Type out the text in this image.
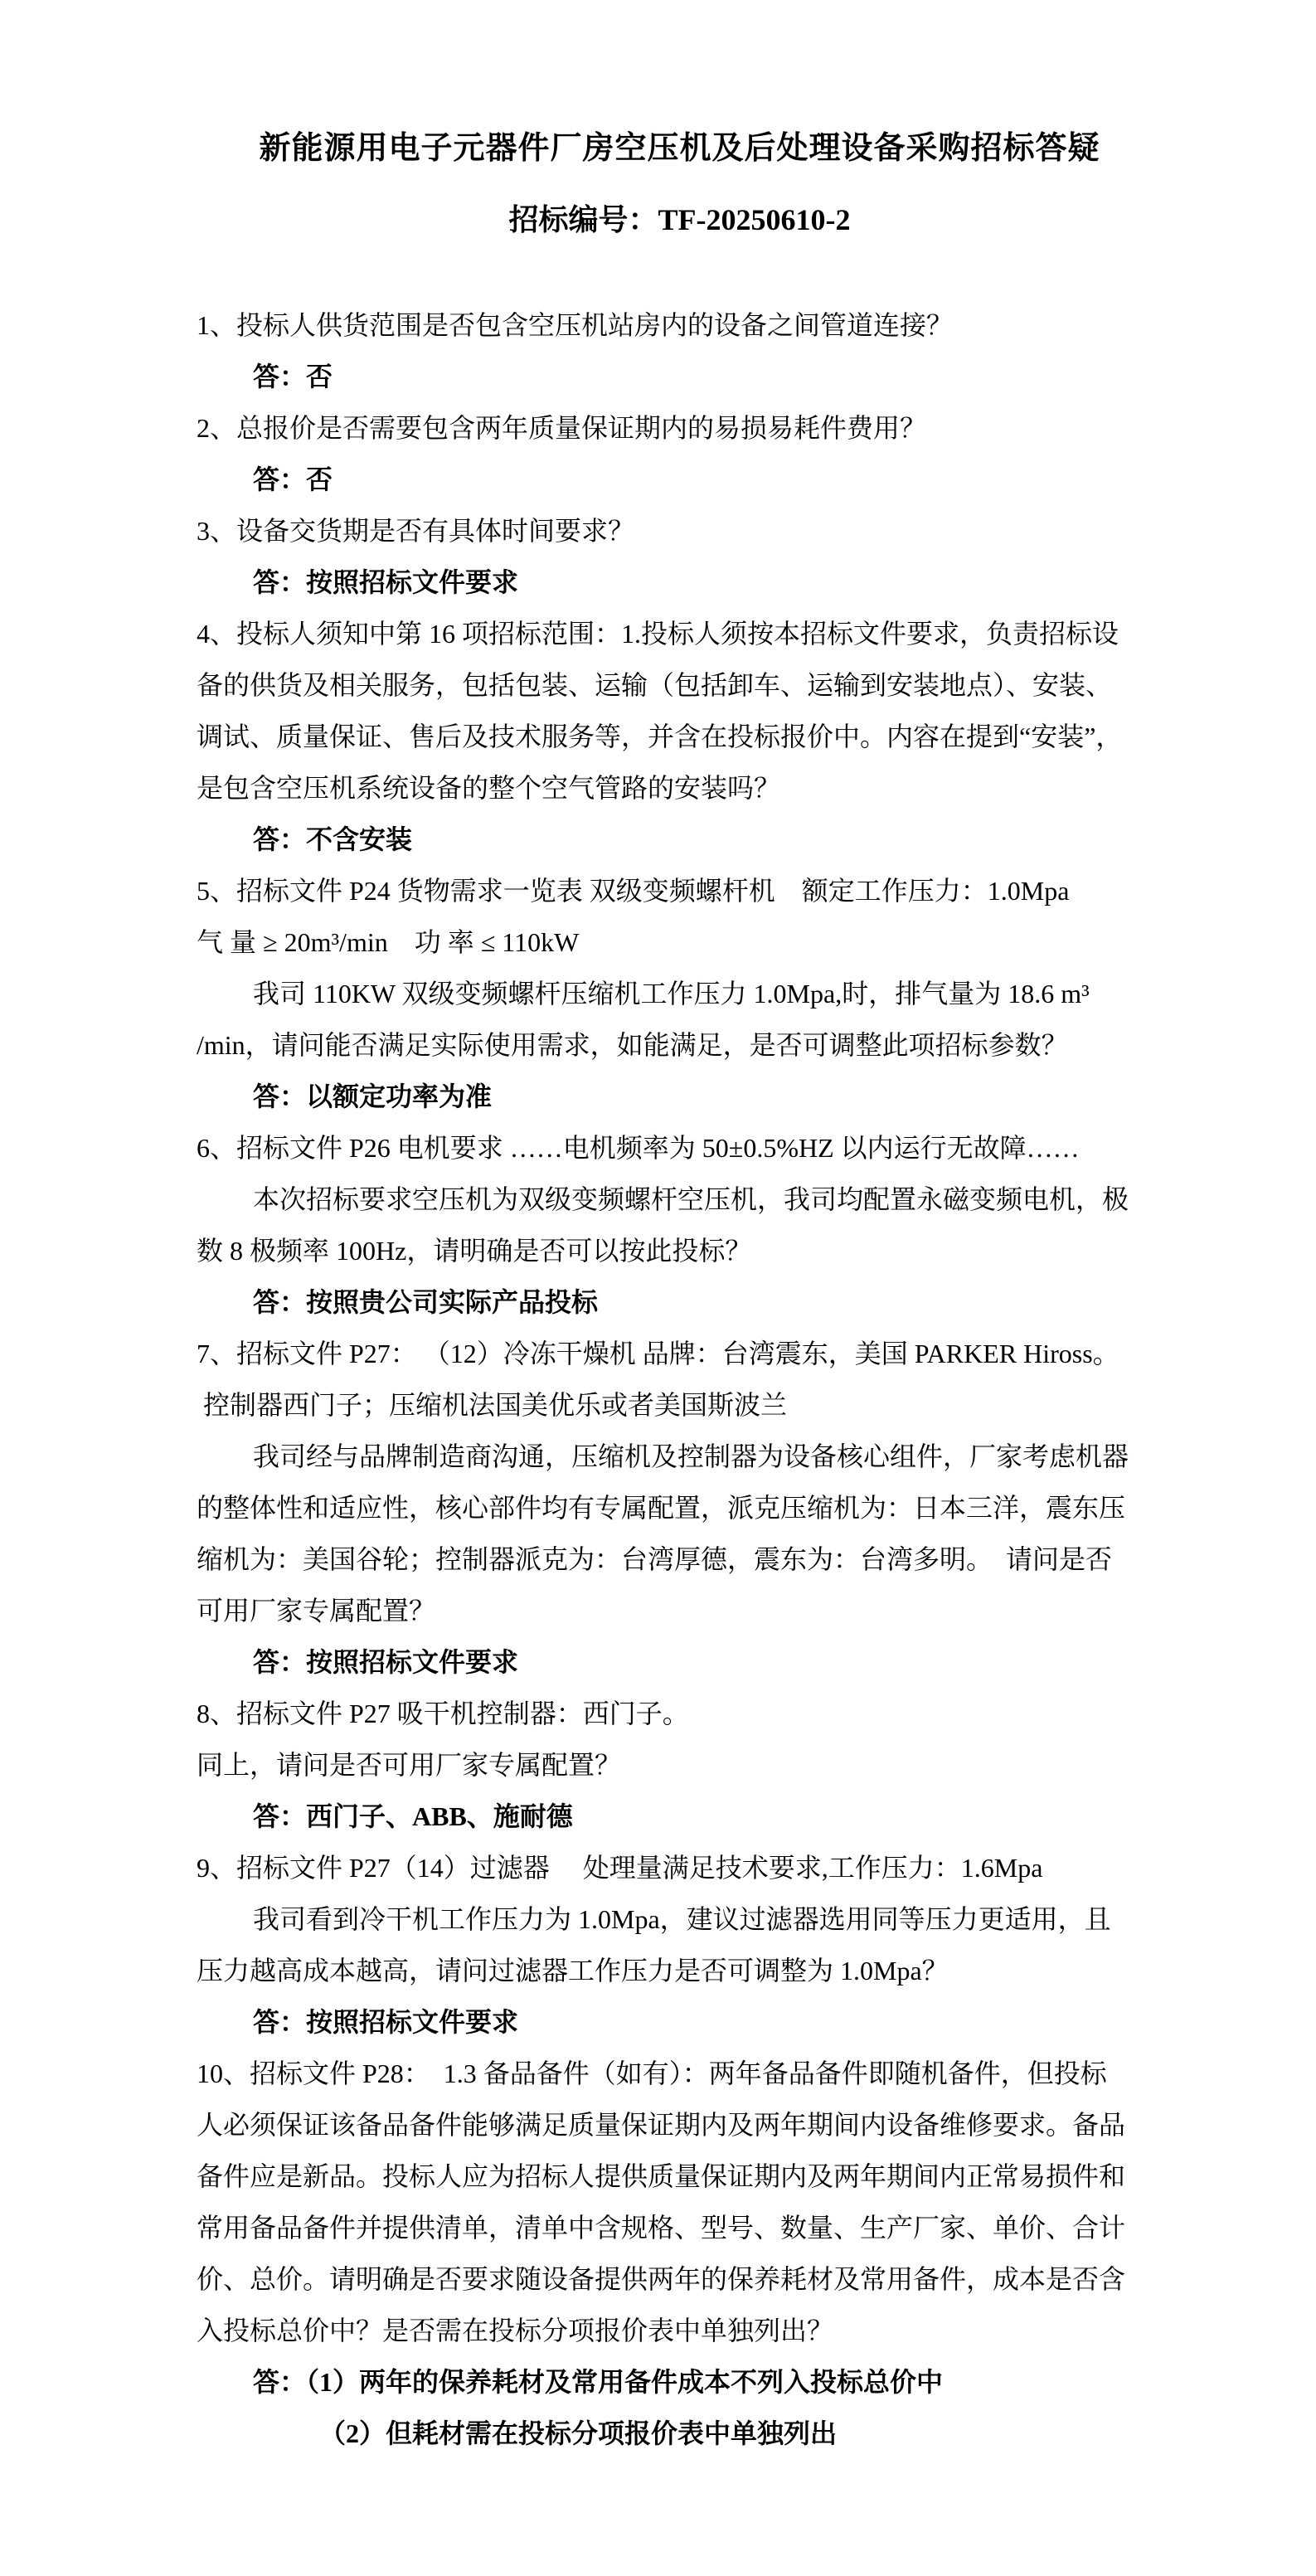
新能源用电子元器件厂房空压机及后处理设备采购招标答疑
招标编号：TF-20250610-2
1、投标人供货范围是否包含空压机站房内的设备之间管道连接？
答：否
2、总报价是否需要包含两年质量保证期内的易损易耗件费用？
答：否
3、设备交货期是否有具体时间要求？
答：按照招标文件要求
4、投标人须知中第 16 项招标范围：1.投标人须按本招标文件要求，负责招标设
备的供货及相关服务，包括包装、运输（包括卸车、运输到安装地点）、安装、
调试、质量保证、售后及技术服务等，并含在投标报价中。内容在提到“安装”，
是包含空压机系统设备的整个空气管路的安装吗？
答：不含安装
5、招标文件 P24 货物需求一览表 双级变频螺杆机　额定工作压力：1.0Mpa
气 量 ≥ 20m³/min　功 率 ≤ 110kW
我司 110KW 双级变频螺杆压缩机工作压力 1.0Mpa,时，排气量为 18.6 m³
/min，请问能否满足实际使用需求，如能满足，是否可调整此项招标参数？
答：以额定功率为准
6、招标文件 P26 电机要求 ……电机频率为 50±0.5%HZ 以内运行无故障……
本次招标要求空压机为双级变频螺杆空压机，我司均配置永磁变频电机，极
数 8 极频率 100Hz，请明确是否可以按此投标？
答：按照贵公司实际产品投标
7、招标文件 P27： （12）冷冻干燥机 品牌：台湾震东，美国 PARKER Hiross。
控制器西门子；压缩机法国美优乐或者美国斯波兰
我司经与品牌制造商沟通，压缩机及控制器为设备核心组件，厂家考虑机器
的整体性和适应性，核心部件均有专属配置，派克压缩机为：日本三洋，震东压
缩机为：美国谷轮；控制器派克为：台湾厚德，震东为：台湾多明。　请问是否
可用厂家专属配置？
答：按照招标文件要求
8、招标文件 P27 吸干机控制器：西门子。
同上，请问是否可用厂家专属配置？
答：西门子、ABB、施耐德
9、招标文件 P27（14）过滤器　 处理量满足技术要求,工作压力：1.6Mpa
我司看到冷干机工作压力为 1.0Mpa，建议过滤器选用同等压力更适用，且
压力越高成本越高，请问过滤器工作压力是否可调整为 1.0Mpa？
答：按照招标文件要求
10、招标文件 P28：　1.3 备品备件（如有）：两年备品备件即随机备件，但投标
人必须保证该备品备件能够满足质量保证期内及两年期间内设备维修要求。备品
备件应是新品。投标人应为招标人提供质量保证期内及两年期间内正常易损件和
常用备品备件并提供清单，清单中含规格、型号、数量、生产厂家、单价、合计
价、总价。请明确是否要求随设备提供两年的保养耗材及常用备件，成本是否含
入投标总价中？是否需在投标分项报价表中单独列出？
答：（1）两年的保养耗材及常用备件成本不列入投标总价中
（2）但耗材需在投标分项报价表中单独列出
